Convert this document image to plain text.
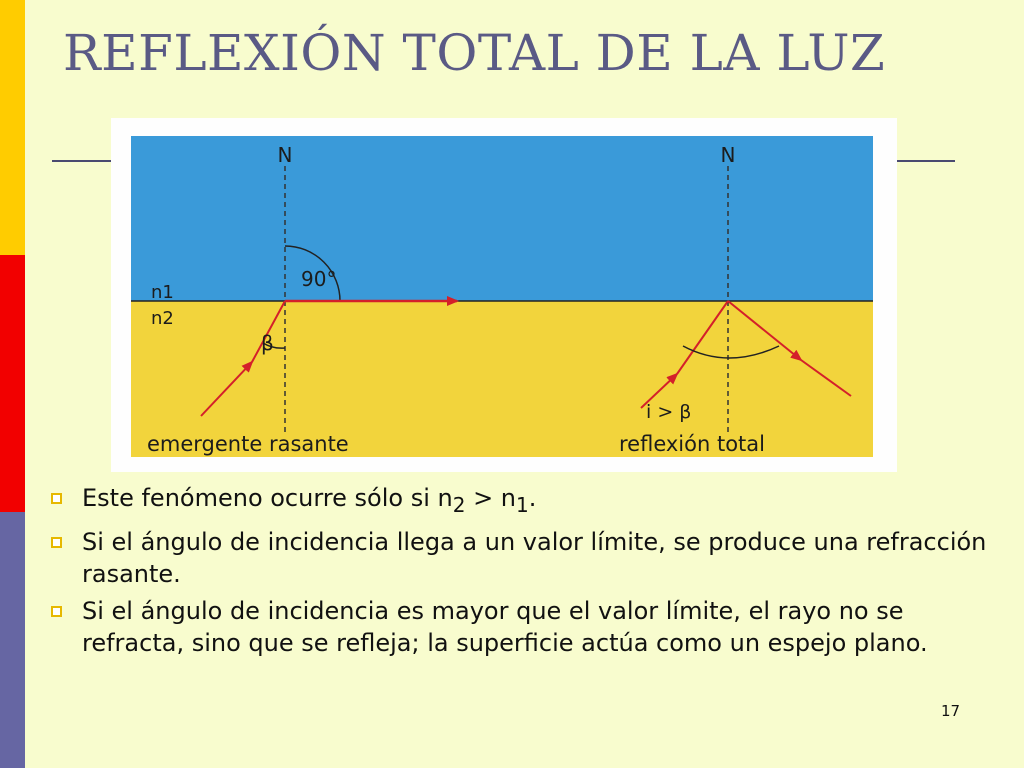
REFLEXIÓN TOTAL DE LA LUZ
N	N
n1
n2
90°
β
i > β
emergente rasante	reflexión total
Este fenómeno ocurre sólo si $n_2 > n_1$.
Si el ángulo de incidencia llega a un valor límite, se produce una refracción rasante.
Si el ángulo de incidencia es mayor que el valor límite, el rayo no se refracta, sino que se refleja; la superficie actúa como un espejo plano.
17
